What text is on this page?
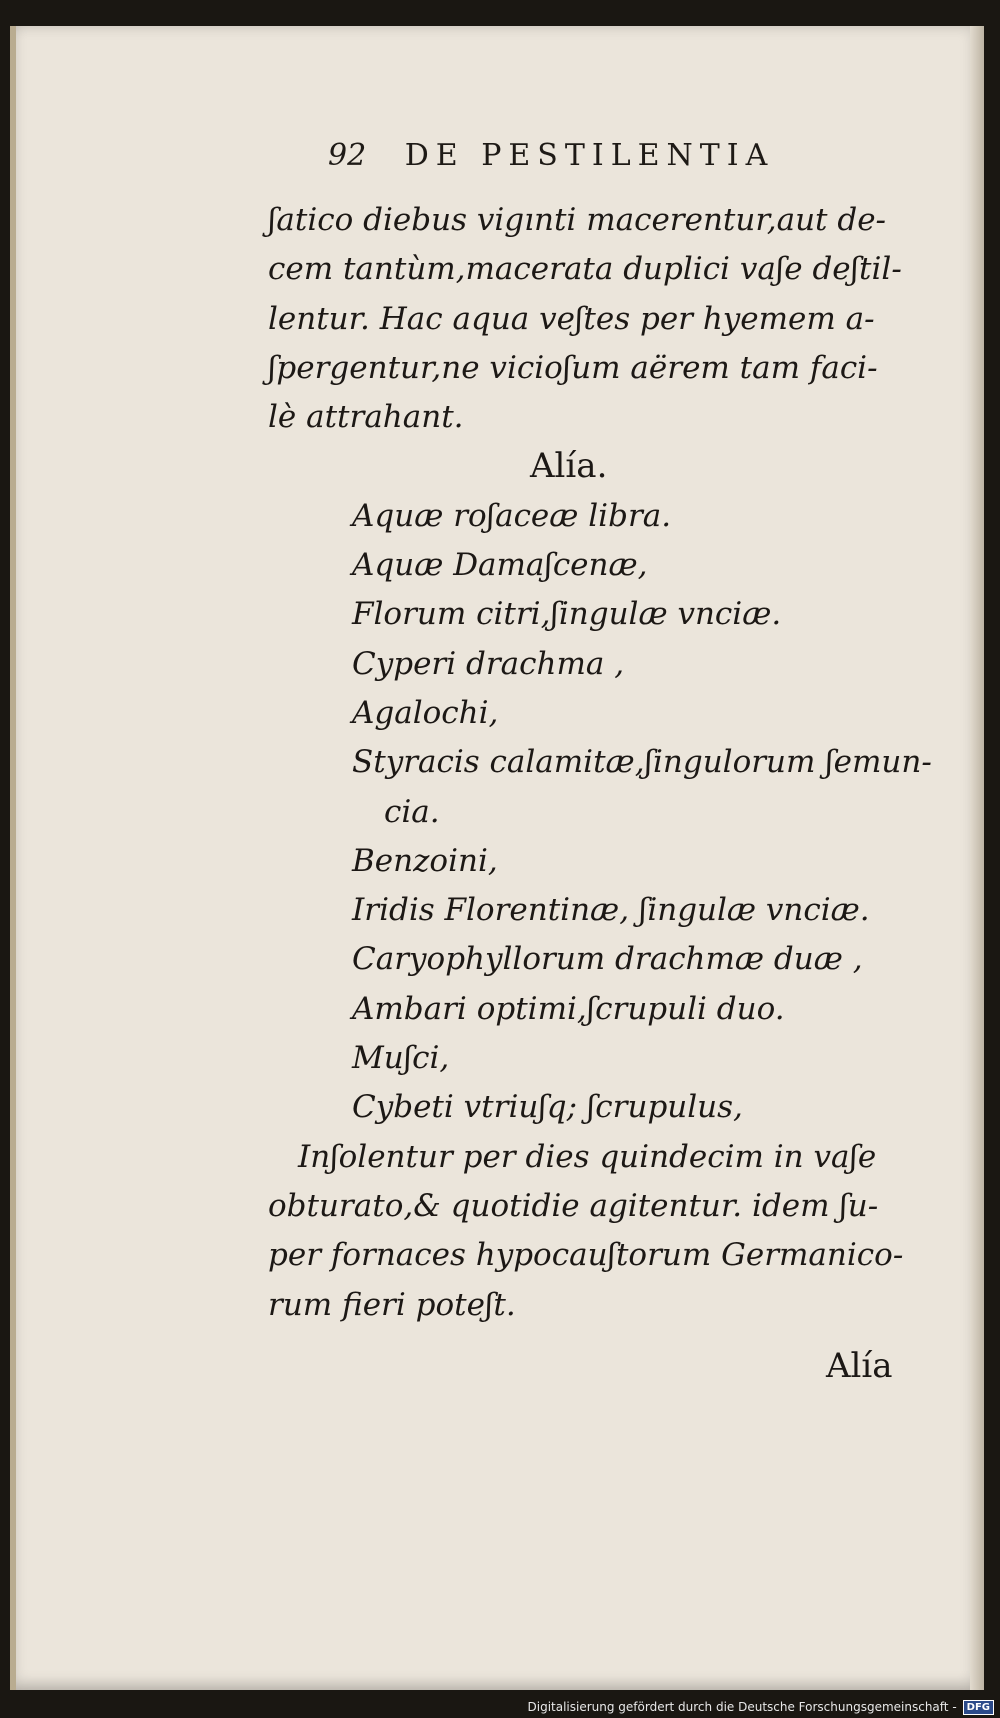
92 DE PESTILENTIA
ʃatico diebus vigınti macerentur,aut de-
cem tantùm,macerata duplici vaʃe deʃtil-
lentur. Hac aqua veʃtes per hyemem a-
ʃpergentur,ne vicioʃum aërem tam faci-
lè attrahant.
Alía.
Aquæ roʃaceæ libra.
Aquæ Damaʃcenæ,
Florum citri,ʃingulæ vnciæ.
Cyperi drachma ,
Agalochi,
Styracis calamitæ,ʃingulorum ʃemun-
cia.
Benzoini,
Iridis Florentinæ, ʃingulæ vnciæ.
Caryophyllorum drachmæ duæ ,
Ambari optimi,ʃcrupuli duo.
Muʃci,
Cybeti vtriuʃq; ʃcrupulus,
Inʃolentur per dies quindecim in vaʃe
obturato,& quotidie agitentur. idem ʃu-
per fornaces hypocauʃtorum Germanico-
rum fieri poteʃt.
Alía
Digitalisierung gefördert durch die Deutsche Forschungsgemeinschaft -	DFG
